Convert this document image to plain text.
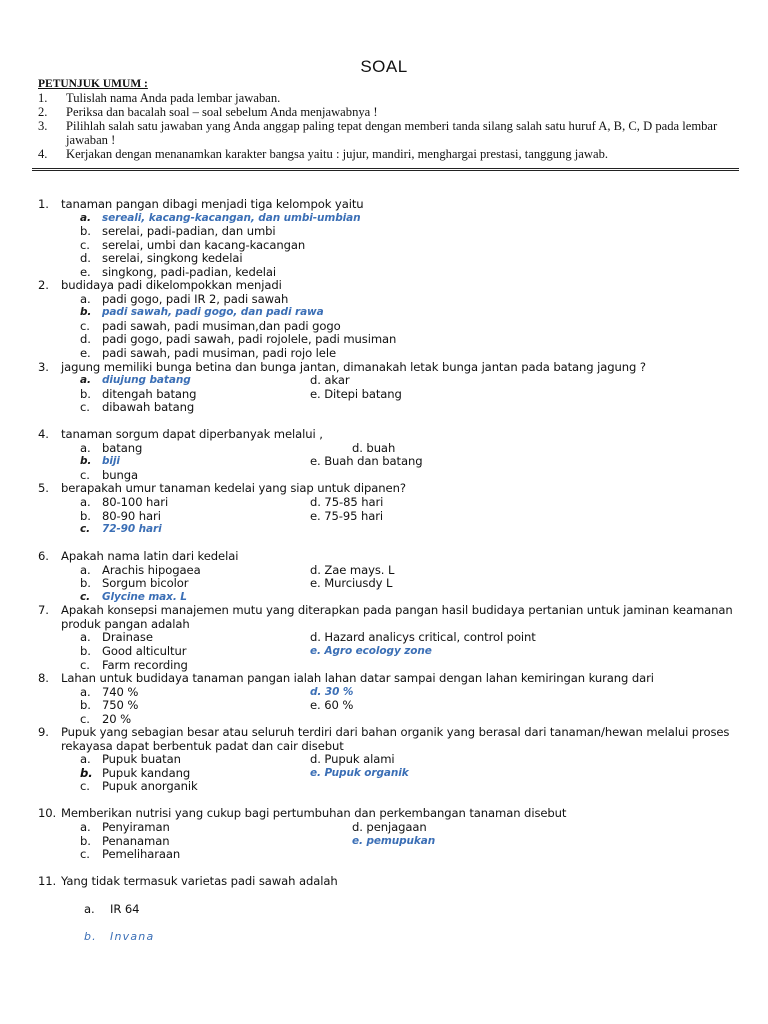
SOAL
PETUNJUK UMUM :
1.	Tulislah nama Anda pada lembar jawaban.
2.	Periksa dan bacalah soal – soal sebelum Anda menjawabnya !
3.	Pilihlah salah satu jawaban yang Anda anggap paling tepat dengan memberi tanda silang salah satu huruf A, B, C, D pada lembar jawaban !
4.	Kerjakan dengan menanamkan karakter bangsa yaitu : jujur, mandiri, menghargai prestasi, tanggung jawab.
1.	tanaman pangan dibagi menjadi tiga kelompok yaitu
a.	sereali, kacang-kacangan, dan umbi-umbian
b. serelai, padi-padian, dan umbi
c.	serelai, umbi dan kacang-kacangan
d. serelai, singkong kedelai
e. singkong, padi-padian, kedelai
2.	budidaya padi dikelompokkan menjadi
a. padi gogo, padi IR 2, padi sawah
b.	padi sawah, padi gogo, dan padi rawa
c.	padi sawah, padi musiman,dan padi gogo
d. padi gogo, padi sawah, padi rojolele, padi musiman
e. padi sawah, padi musiman, padi rojo lele
3.	jagung memiliki bunga betina dan bunga jantan, dimanakah letak bunga jantan pada batang jagung ?
a.	diujung batang	d. akar
b. ditengah batang	e. Ditepi batang
c.	dibawah batang
4.	tanaman sorgum dapat diperbanyak melalui ,
a. batang	d. buah
b.	biji	e. Buah dan batang
c.	bunga
5.	berapakah umur tanaman kedelai yang siap untuk dipanen?
a. 80-100 hari	d. 75-85 hari
b. 80-90 hari	e. 75-95 hari
c.	72-90 hari
6.	Apakah nama latin dari kedelai
a. Arachis hipogaea	d. Zae mays. L
b. Sorgum bicolor	e. Murciusdy L
c.	Glycine max. L
7.	Apakah konsepsi manajemen mutu yang diterapkan pada pangan hasil budidaya pertanian untuk jaminan keamanan produk pangan adalah
a. Drainase	d. Hazard analicys critical, control point
b. Good alticultur	e. Agro ecology zone
c.	Farm recording
8.	Lahan untuk budidaya tanaman pangan ialah lahan datar sampai dengan lahan kemiringan kurang dari
a. 740 %	d. 30 %
b. 750 %	e. 60 %
c.	20 %
9.	Pupuk yang sebagian besar atau seluruh terdiri dari bahan organik yang berasal dari tanaman/hewan melalui proses rekayasa dapat berbentuk padat dan cair disebut
a. Pupuk buatan	d. Pupuk alami
b. Pupuk kandang	e. Pupuk organik
c.	Pupuk anorganik
10. Memberikan nutrisi yang cukup bagi pertumbuhan dan perkembangan tanaman disebut
a. Penyiraman	d. penjagaan
b. Penanaman	e. pemupukan
c.	Pemeliharaan
11. Yang tidak termasuk varietas padi sawah adalah
a.	IR 64
b.	Invana
